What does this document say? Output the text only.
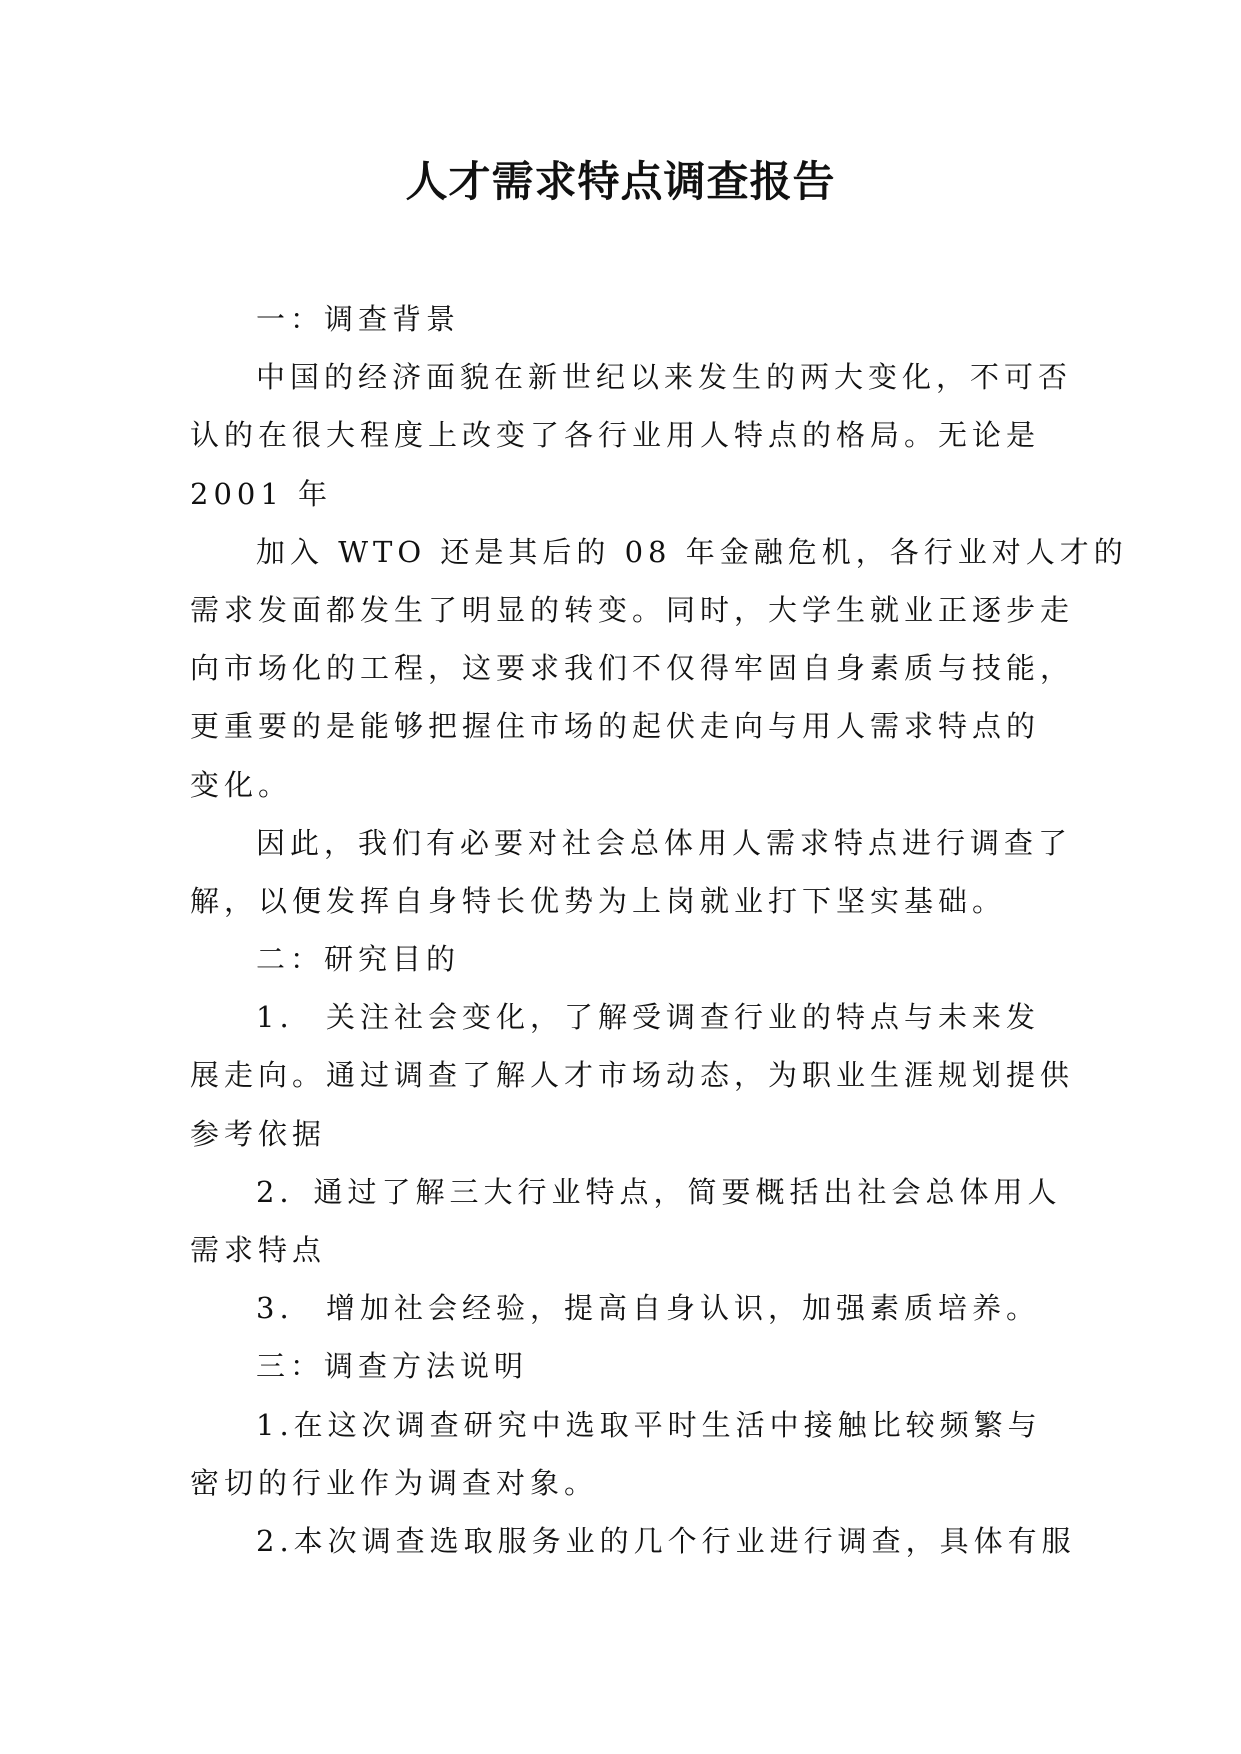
人才需求特点调查报告
一：调查背景
中国的经济面貌在新世纪以来发生的两大变化，不可否
认的在很大程度上改变了各行业用人特点的格局。无论是
2001 年
加入 WTO 还是其后的 08 年金融危机，各行业对人才的
需求发面都发生了明显的转变。同时，大学生就业正逐步走
向市场化的工程，这要求我们不仅得牢固自身素质与技能，
更重要的是能够把握住市场的起伏走向与用人需求特点的
变化。
因此，我们有必要对社会总体用人需求特点进行调查了
解，以便发挥自身特长优势为上岗就业打下坚实基础。
二：研究目的
1. 关注社会变化，了解受调查行业的特点与未来发
展走向。通过调查了解人才市场动态，为职业生涯规划提供
参考依据
2．通过了解三大行业特点，简要概括出社会总体用人
需求特点
3. 增加社会经验，提高自身认识，加强素质培养。
三：调查方法说明
1.在这次调查研究中选取平时生活中接触比较频繁与
密切的行业作为调查对象。
2.本次调查选取服务业的几个行业进行调查，具体有服
